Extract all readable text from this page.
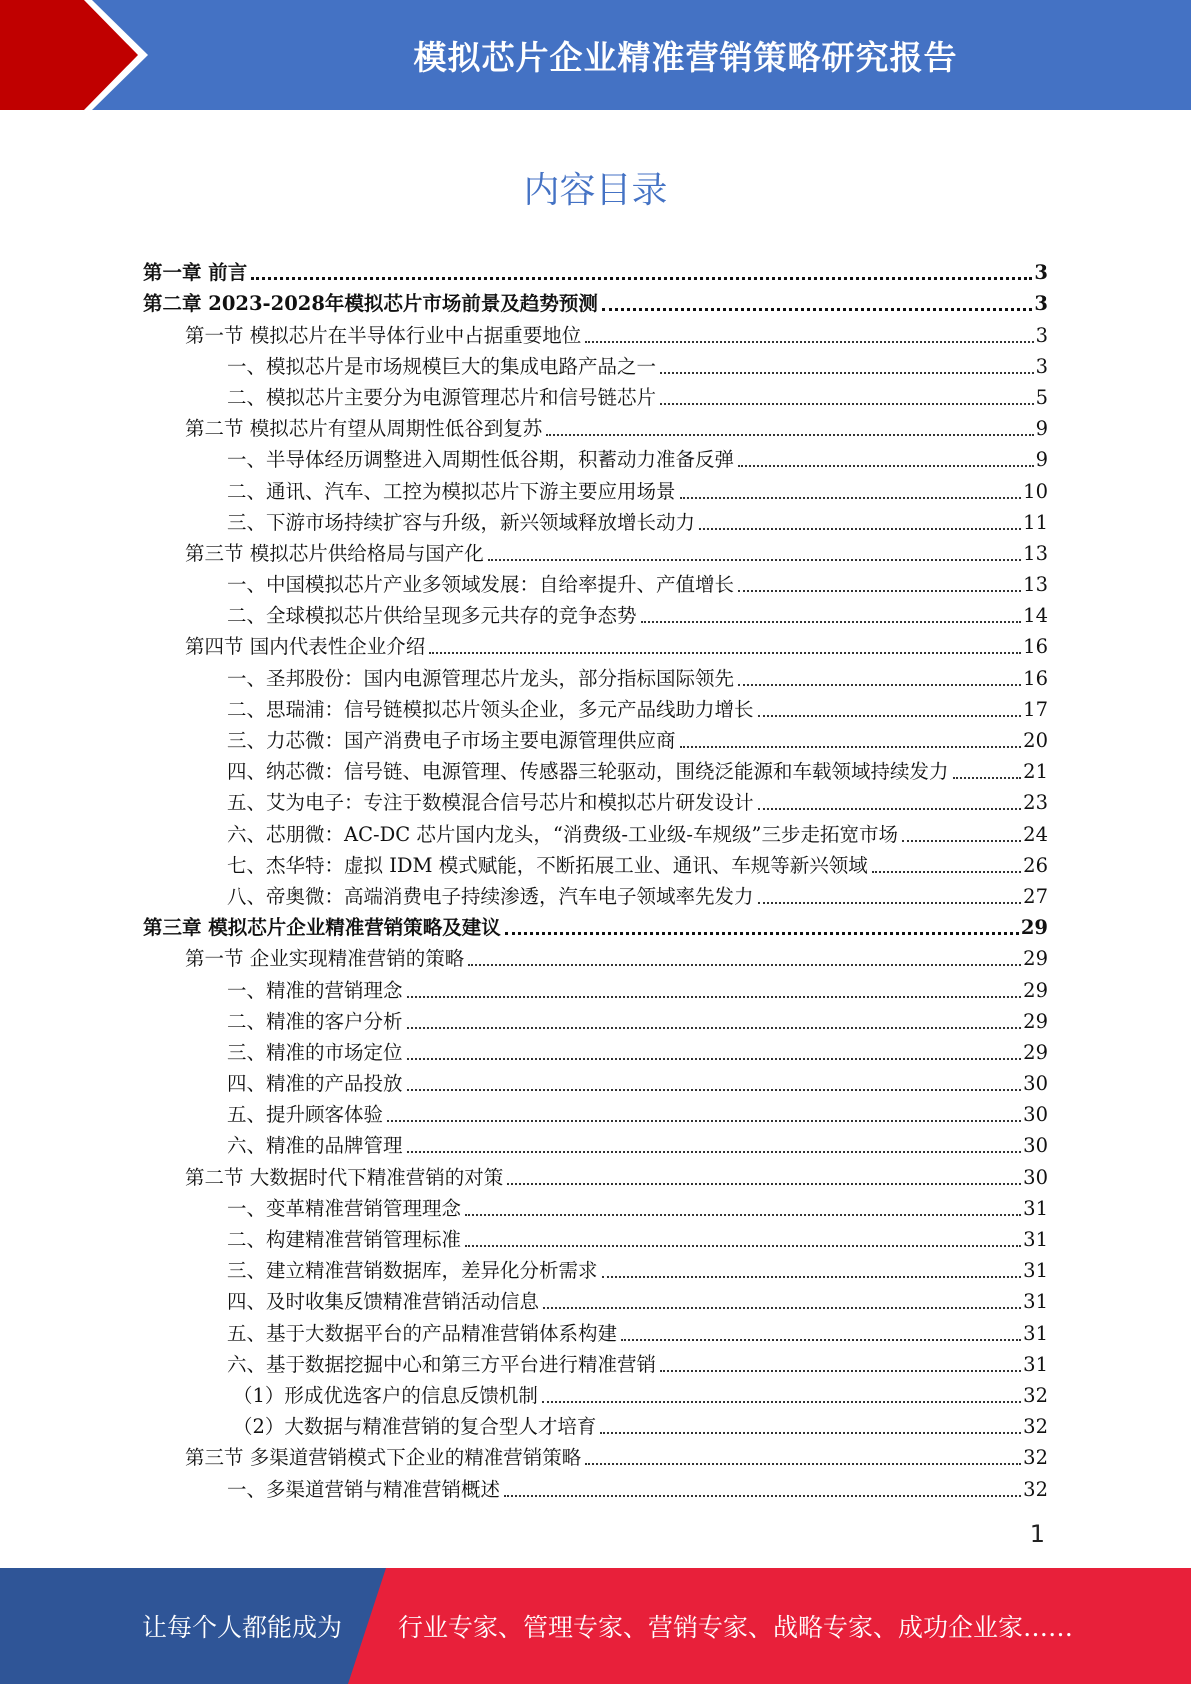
模拟芯片企业精准营销策略研究报告
内容目录
第一章 前言	3
第二章 2023-2028年模拟芯片市场前景及趋势预测	3
第一节 模拟芯片在半导体行业中占据重要地位	3
一、模拟芯片是市场规模巨大的集成电路产品之一	3
二、模拟芯片主要分为电源管理芯片和信号链芯片	5
第二节 模拟芯片有望从周期性低谷到复苏	9
一、半导体经历调整进入周期性低谷期，积蓄动力准备反弹	9
二、通讯、汽车、工控为模拟芯片下游主要应用场景	10
三、下游市场持续扩容与升级，新兴领域释放增长动力	11
第三节 模拟芯片供给格局与国产化	13
一、中国模拟芯片产业多领域发展：自给率提升、产值增长	13
二、全球模拟芯片供给呈现多元共存的竞争态势	14
第四节 国内代表性企业介绍	16
一、圣邦股份：国内电源管理芯片龙头，部分指标国际领先	16
二、思瑞浦：信号链模拟芯片领头企业，多元产品线助力增长	17
三、力芯微：国产消费电子市场主要电源管理供应商	20
四、纳芯微：信号链、电源管理、传感器三轮驱动，围绕泛能源和车载领域持续发力	21
五、艾为电子：专注于数模混合信号芯片和模拟芯片研发设计	23
六、芯朋微：AC-DC 芯片国内龙头，“消费级-工业级-车规级”三步走拓宽市场	24
七、杰华特：虚拟 IDM 模式赋能，不断拓展工业、通讯、车规等新兴领域	26
八、帝奥微：高端消费电子持续渗透，汽车电子领域率先发力	27
第三章 模拟芯片企业精准营销策略及建议	29
第一节 企业实现精准营销的策略	29
一、精准的营销理念	29
二、精准的客户分析	29
三、精准的市场定位	29
四、精准的产品投放	30
五、提升顾客体验	30
六、精准的品牌管理	30
第二节 大数据时代下精准营销的对策	30
一、变革精准营销管理理念	31
二、构建精准营销管理标准	31
三、建立精准营销数据库，差异化分析需求	31
四、及时收集反馈精准营销活动信息	31
五、基于大数据平台的产品精准营销体系构建	31
六、基于数据挖掘中心和第三方平台进行精准营销	31
（1）形成优选客户的信息反馈机制	32
（2）大数据与精准营销的复合型人才培育	32
第三节 多渠道营销模式下企业的精准营销策略	32
一、多渠道营销与精准营销概述	32
1
让每个人都能成为 行业专家、管理专家、营销专家、战略专家、成功企业家……
